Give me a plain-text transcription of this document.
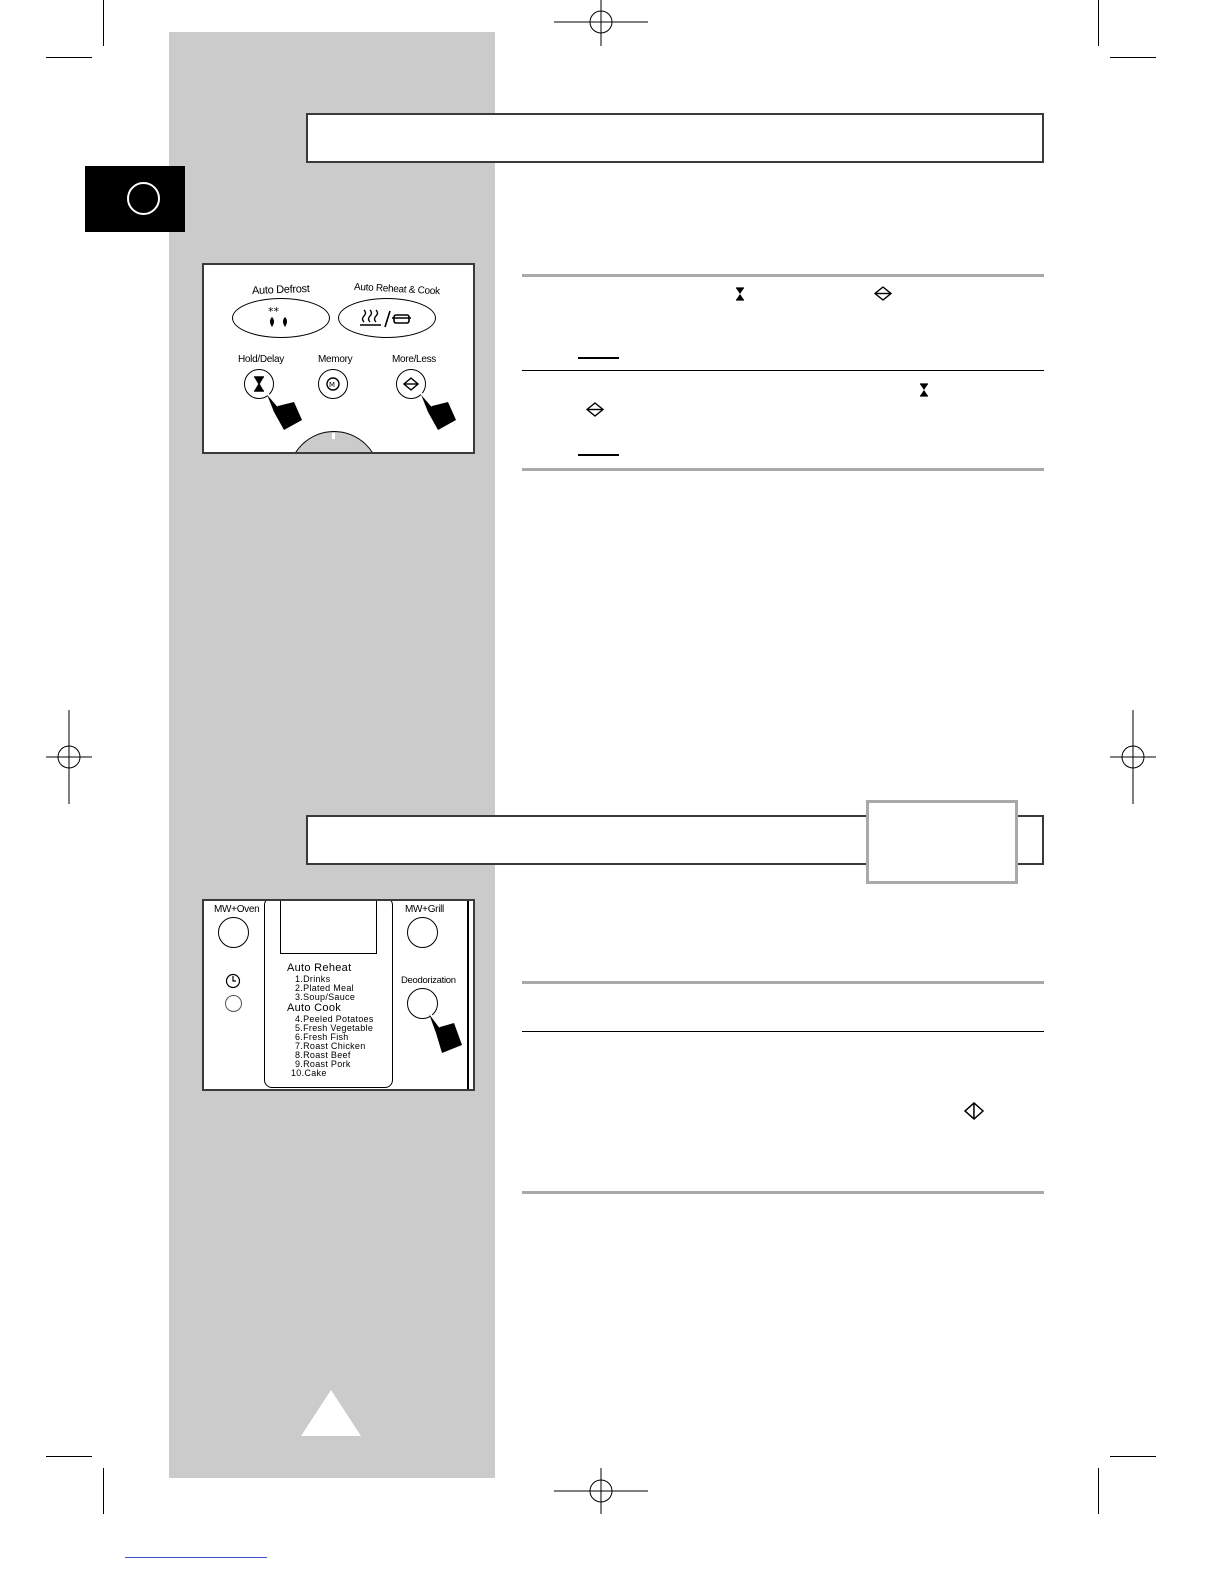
Auto Defrost	Auto Reheat & Cook
**
Hold/Delay	Memory	More/Less
M
MW+Oven
Auto Reheat
1.Drinks
2.Plated Meal
3.Soup/Sauce
Auto Cook
4.Peeled Potatoes
5.Fresh Vegetable
6.Fresh Fish
7.Roast Chicken
8.Roast Beef
9.Roast Pork
10.Cake
MW+Grill
Deodorization
